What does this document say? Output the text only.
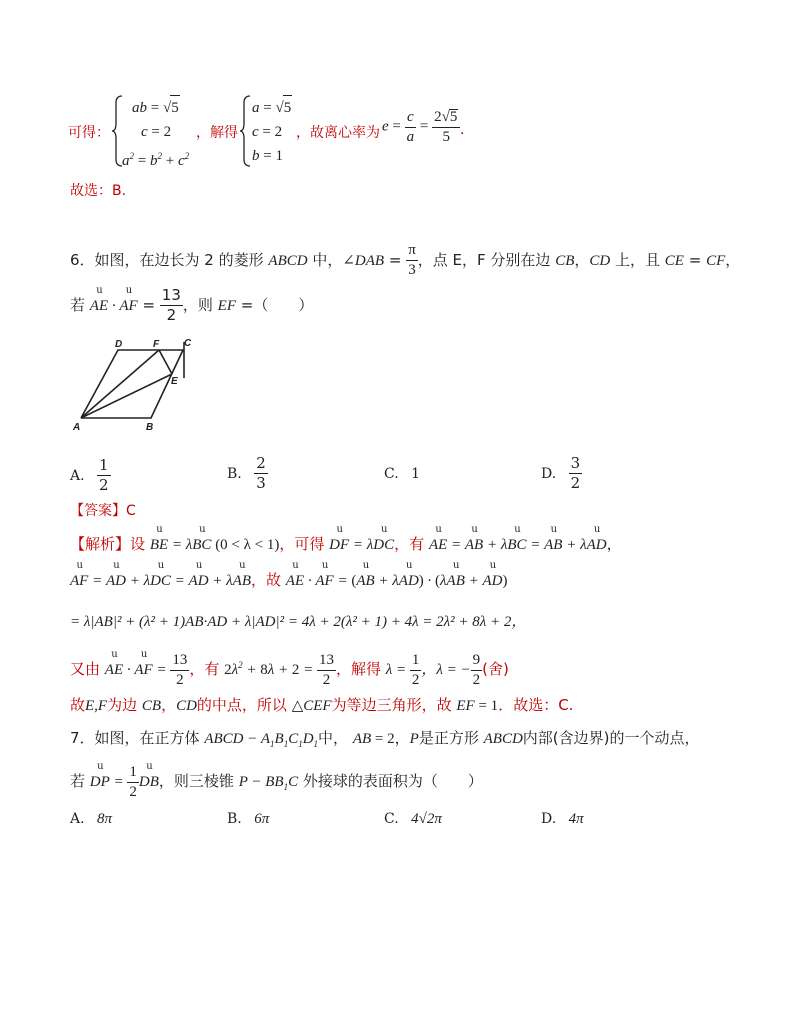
可得：
ab = √5
c = 2
$a^2 = b^2 + c^2$
，解得
a = √5
c = 2
b = 1
，故离心率为 $e = \frac{c}{a} = \frac{2√5}{5}$ .
故选：B.
6．如图，在边长为 2 的菱形 ABCD 中，∠DAB = $\frac{\pi}{3}$ ，点 E，F 分别在边 CB，CD 上，且 CE = CF，
若 ս AE · ս AF = $\frac{13}{2}$ ，则 EF =（　　）
D	F C
E
A	B
A. $\frac{1}{2}$	B. $\frac{2}{3}$	C. 1	D. $\frac{3}{2}$
【答案】C
【解析】设 ս BE = λս BC (0 < λ < 1)，可得 ս DF = λս DC，有 ս AE = ս AB + λս BC = ս AB + λս AD，
ս AF = ս AD + λս DC = ս AD + λս AB，故 ս AE · ս AF = (ս AB + λս AD) · (λս AB + ս AD)
= λ|AB|² + (λ² + 1)AB·AD + λ|AD|² = 4λ + 2(λ² + 1) + 4λ = 2λ² + 8λ + 2，
又由 ս AE · ս AF = $\frac{13}{2}$ ，有 $2\lambda^2 + 8\lambda + 2 = \frac{13}{2}$ ，解得 $\lambda = \frac{1}{2}$ ，λ = − $\frac{9}{2}$ (舍)
故E,F为边 CB，CD的中点，所以 △CEF为等边三角形，故 EF = 1．故选：C.
7．如图，在正方体 ABCD − $A_1B_1C_1D_1$中， AB = 2，P是正方形 ABCD内部(含边界)的一个动点，
若 ս DP = $\frac{1}{2}$ ս DB，则三棱锥 $P - BB_1C$ 外接球的表面积为（　　）
A. 8π	B. 6π	C. 4√2π	D. 4π
